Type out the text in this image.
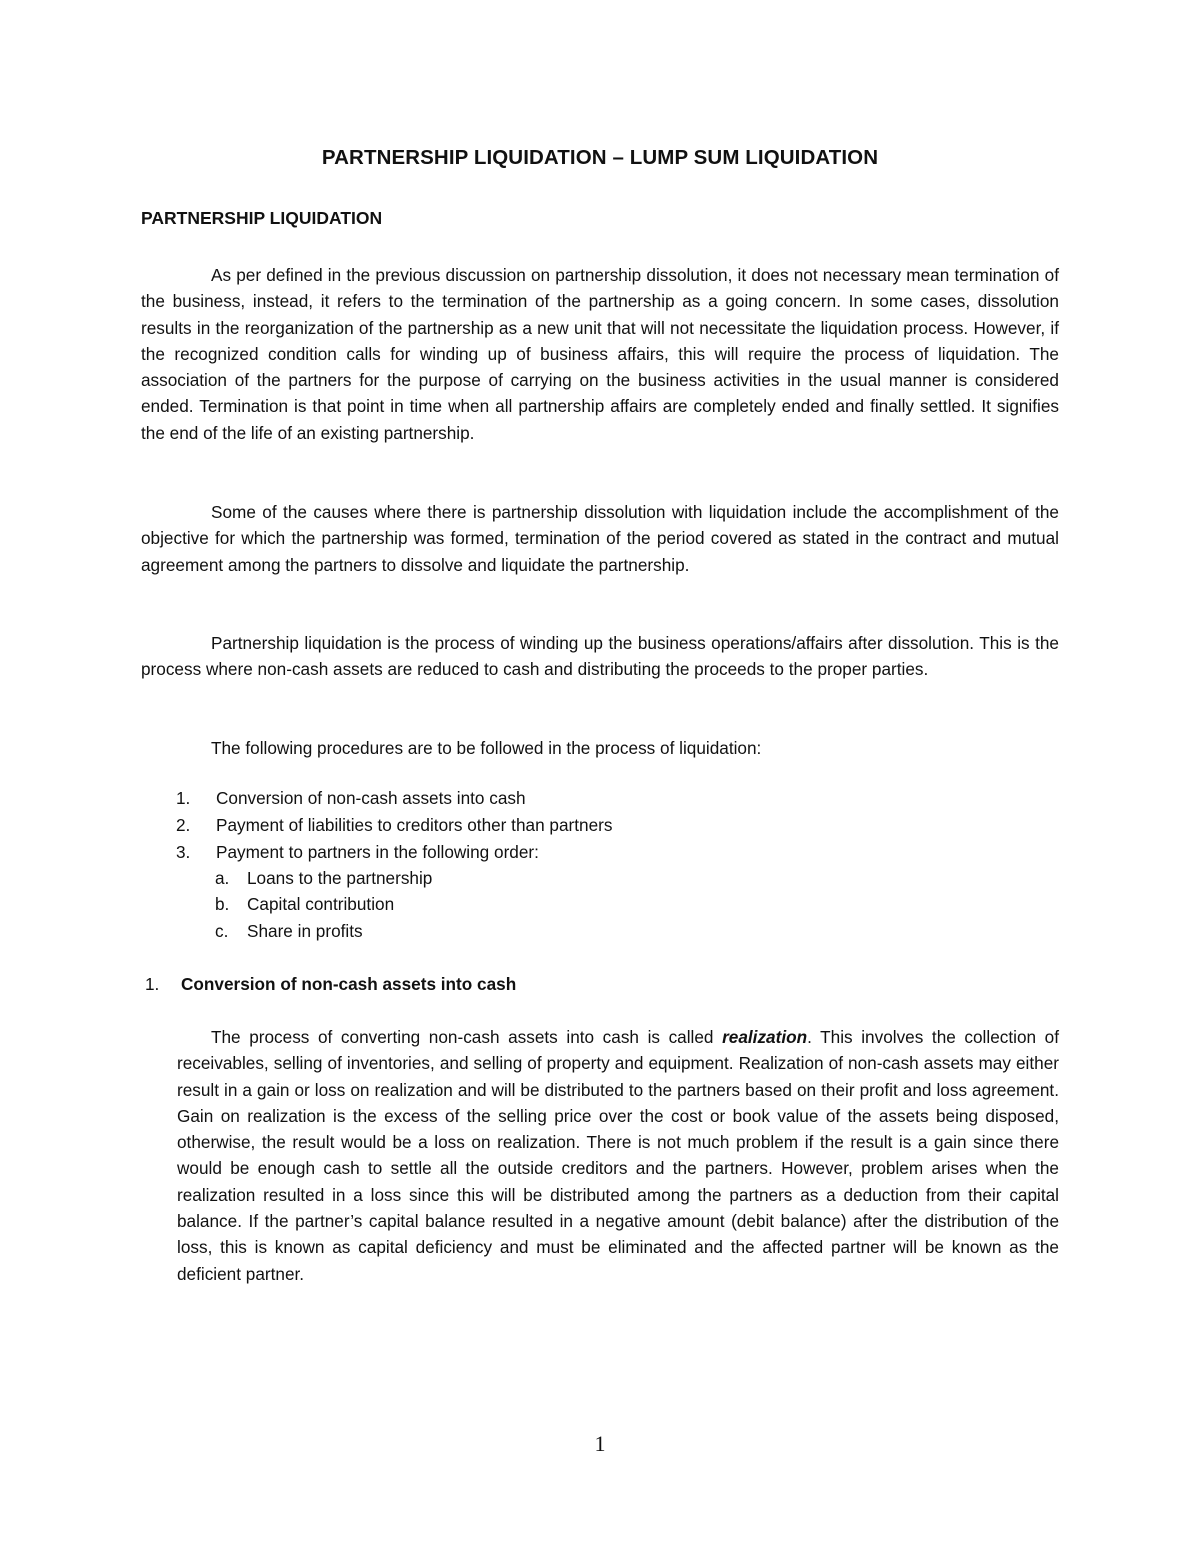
PARTNERSHIP LIQUIDATION – LUMP SUM LIQUIDATION
PARTNERSHIP LIQUIDATION

As per defined in the previous discussion on partnership dissolution, it does not necessary mean termination of the business, instead, it refers to the termination of the partnership as a going concern. In some cases, dissolution results in the reorganization of the partnership as a new unit that will not necessitate the liquidation process. However, if the recognized condition calls for winding up of business affairs, this will require the process of liquidation. The association of the partners for the purpose of carrying on the business activities in the usual manner is considered ended. Termination is that point in time when all partnership affairs are completely ended and finally settled. It signifies the end of the life of an existing partnership.

Some of the causes where there is partnership dissolution with liquidation include the accomplishment of the objective for which the partnership was formed, termination of the period covered as stated in the contract and mutual agreement among the partners to dissolve and liquidate the partnership.

Partnership liquidation is the process of winding up the business operations/affairs after dissolution. This is the process where non-cash assets are reduced to cash and distributing the proceeds to the proper parties.

The following procedures are to be followed in the process of liquidation:

1. Conversion of non-cash assets into cash
2. Payment of liabilities to creditors other than partners
3. Payment to partners in the following order:
a. Loans to the partnership
b. Capital contribution
c. Share in profits
1. Conversion of non-cash assets into cash

The process of converting non-cash assets into cash is called realization. This involves the collection of receivables, selling of inventories, and selling of property and equipment. Realization of non-cash assets may either result in a gain or loss on realization and will be distributed to the partners based on their profit and loss agreement. Gain on realization is the excess of the selling price over the cost or book value of the assets being disposed, otherwise, the result would be a loss on realization. There is not much problem if the result is a gain since there would be enough cash to settle all the outside creditors and the partners. However, problem arises when the realization resulted in a loss since this will be distributed among the partners as a deduction from their capital balance. If the partner’s capital balance resulted in a negative amount (debit balance) after the distribution of the loss, this is known as capital deficiency and must be eliminated and the affected partner will be known as the deficient partner.

1
